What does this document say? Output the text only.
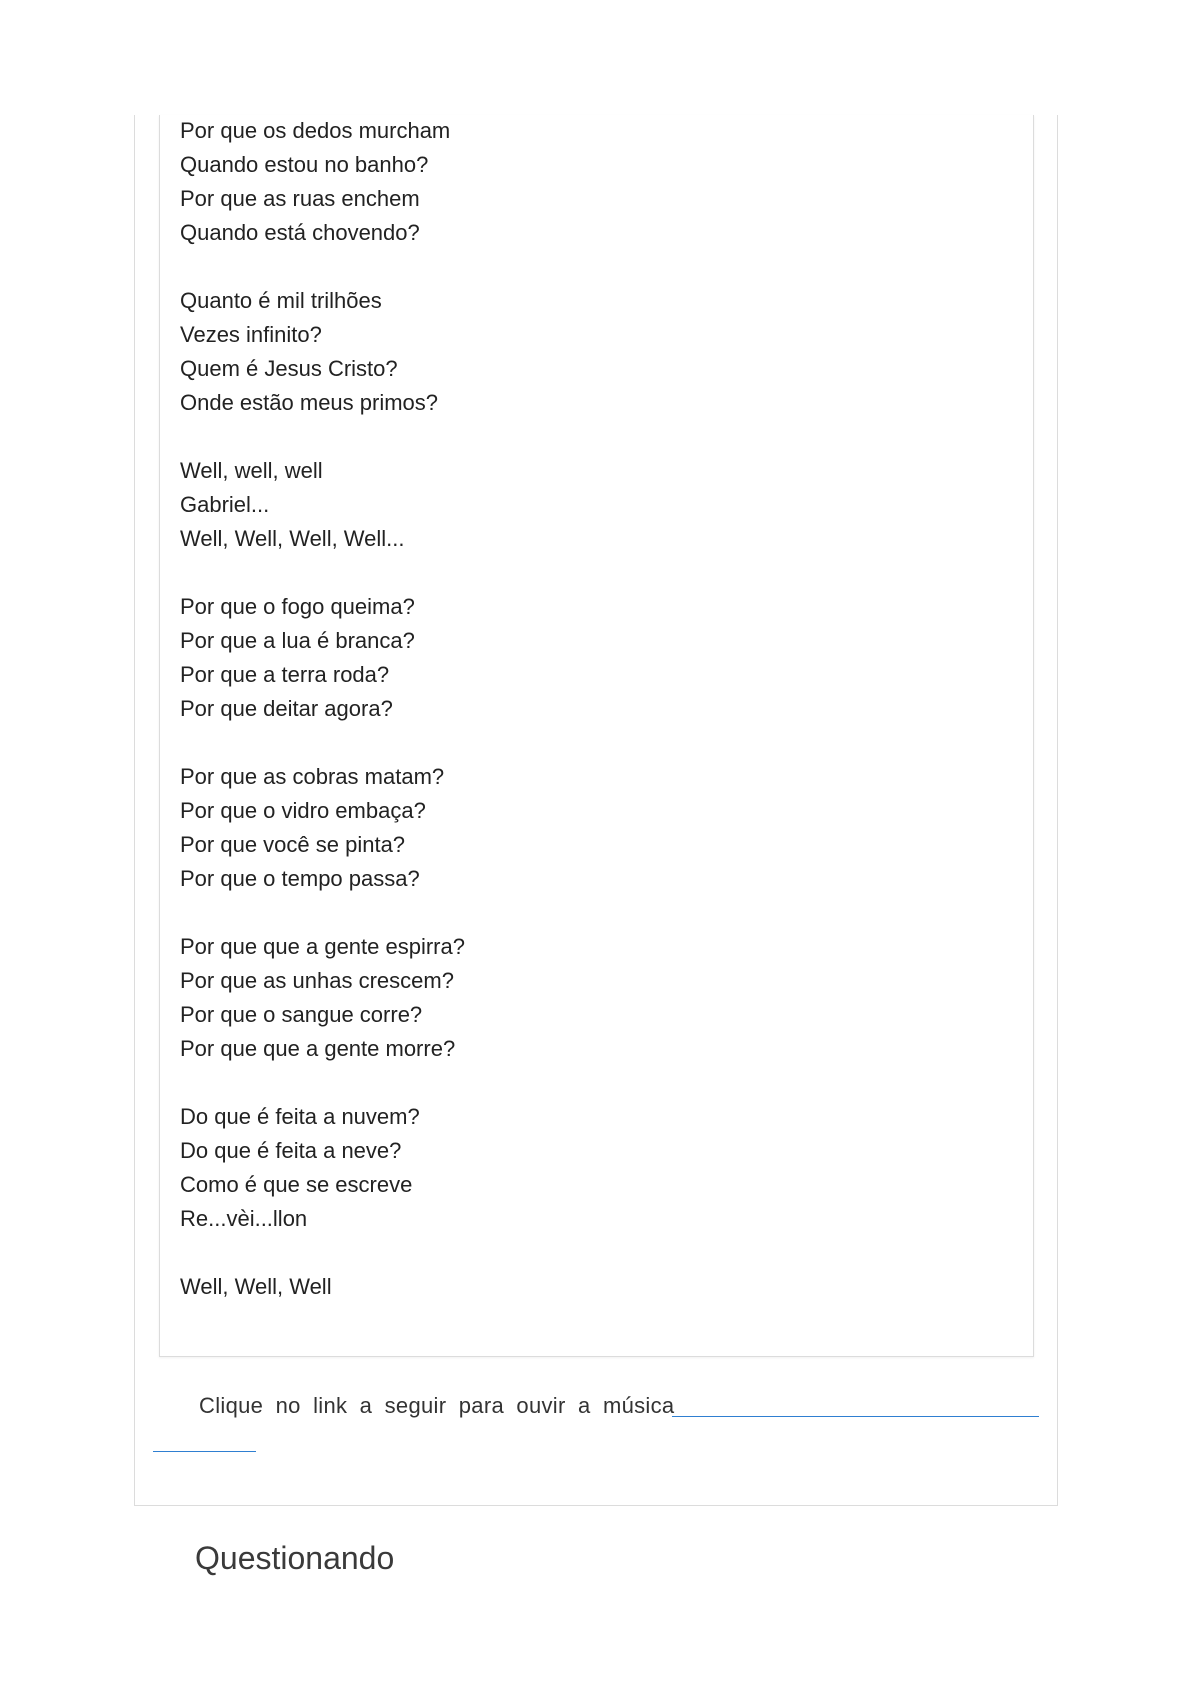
Por que os dedos murcham
Quando estou no banho?
Por que as ruas enchem
Quando está chovendo?
Quanto é mil trilhões
Vezes infinito?
Quem é Jesus Cristo?
Onde estão meus primos?
Well, well, well
Gabriel...
Well, Well, Well, Well...
Por que o fogo queima?
Por que a lua é branca?
Por que a terra roda?
Por que deitar agora?
Por que as cobras matam?
Por que o vidro embaça?
Por que você se pinta?
Por que o tempo passa?
Por que que a gente espirra?
Por que as unhas crescem?
Por que o sangue corre?
Por que que a gente morre?
Do que é feita a nuvem?
Do que é feita a neve?
Como é que se escreve
Re...vèi...llon
Well, Well, Well
Clique no link a seguir para ouvir a música
Questionando
